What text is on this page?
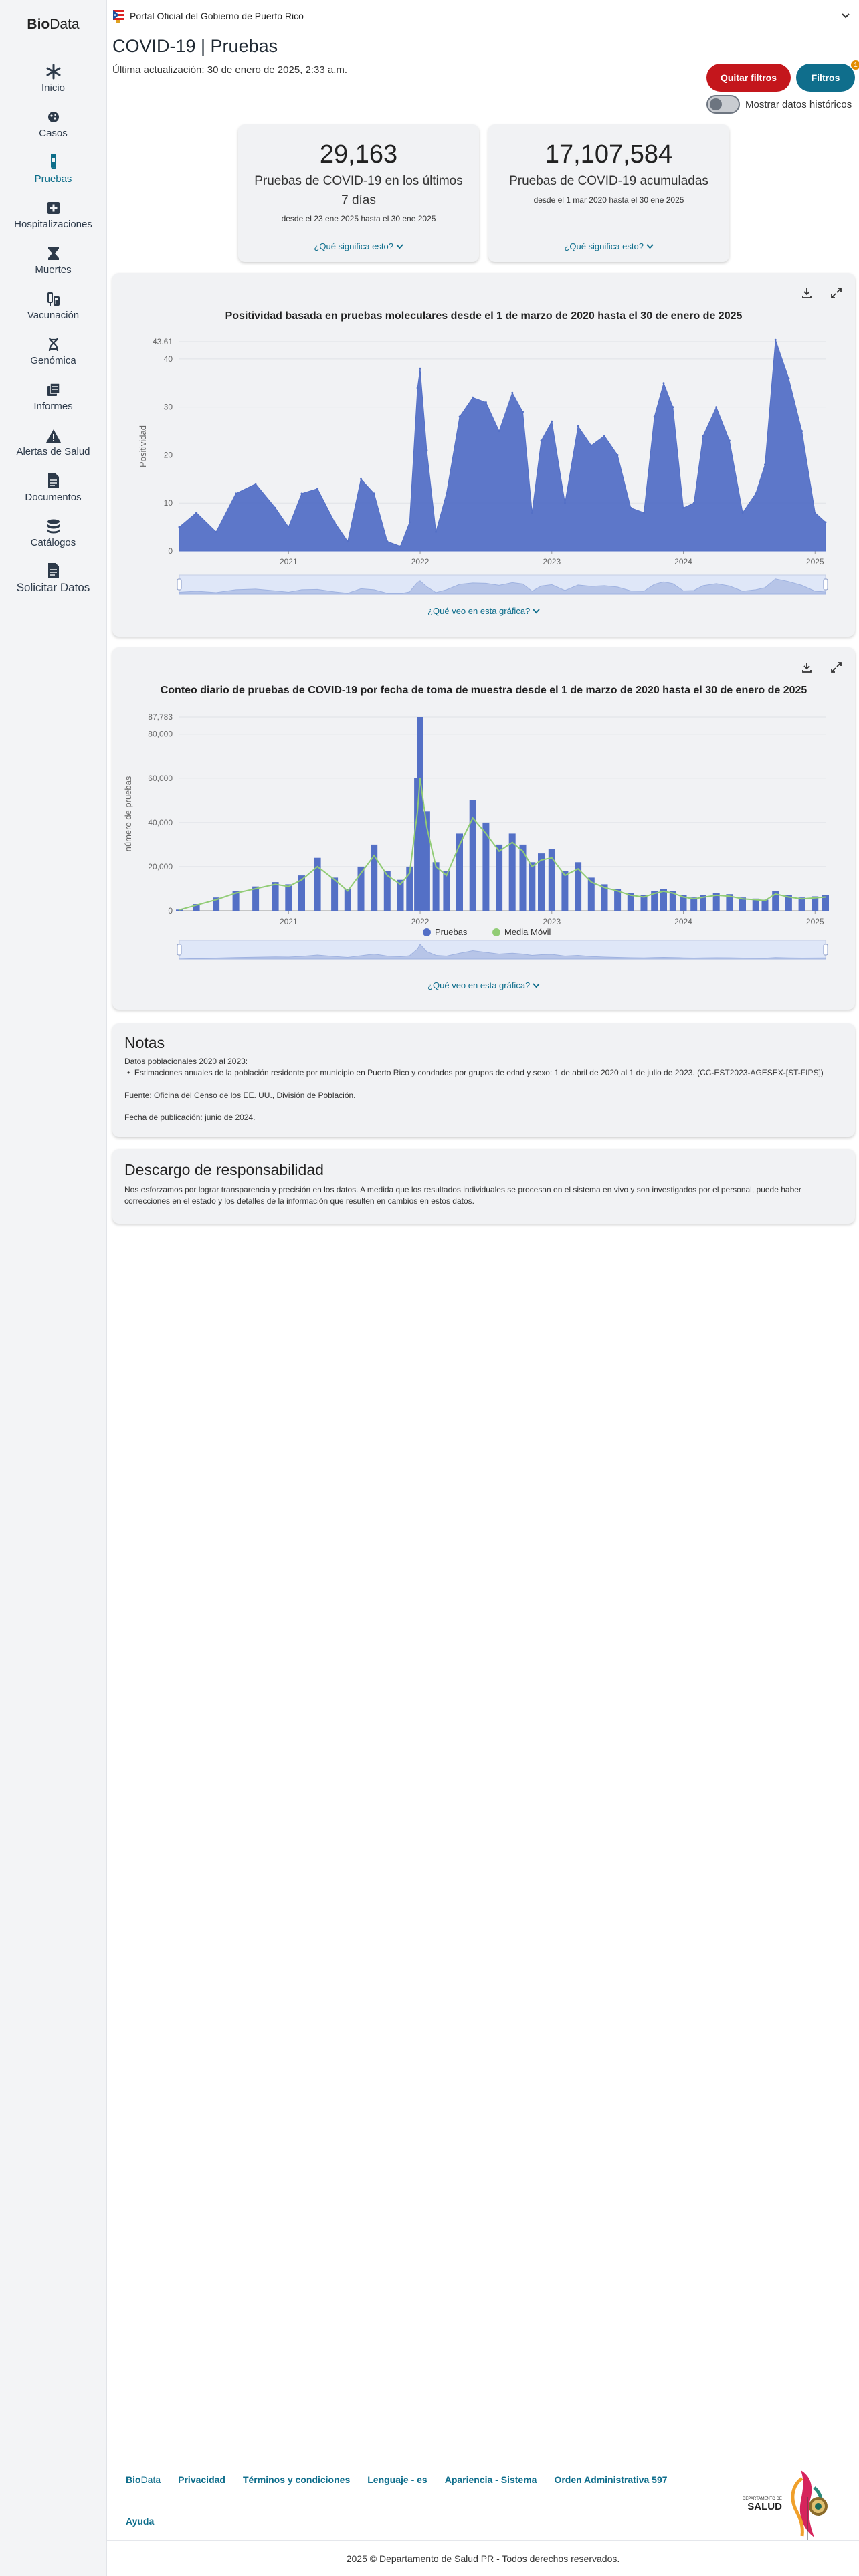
Bio Data
Inicio
Casos
Pruebas
Hospitalizaciones
Muertes
Vacunación
Genómica
Informes
Alertas de Salud
Documentos
Catálogos
Solicitar Datos
Portal Oficial del Gobierno de Puerto Rico
COVID-19 | Pruebas
Última actualización: 30 de enero de 2025, 2:33 a.m.
Quitar filtros	Filtros
1
Mostrar datos históricos
29,163
Pruebas de COVID-19 en los últimos 7 días
desde el 23 ene 2025 hasta el 30 ene 2025
¿Qué significa esto?
17,107,584
Pruebas de COVID-19 acumuladas
desde el 1 mar 2020 hasta el 30 ene 2025
¿Qué significa esto?
Positividad basada en pruebas moleculares desde el 1 de marzo de 2020 hasta el 30 de enero de 2025
0
10
20
30
40
43.61
Positividad
2021	2022	2023	2024	2025
¿Qué veo en esta gráfica?
Conteo diario de pruebas de COVID-19 por fecha de toma de muestra desde el 1 de marzo de 2020 hasta el 30 de enero de 2025
0
20,000
40,000
60,000
80,000
87,783
número de pruebas
2021	2022	2023	2024	2025
Pruebas	Media Móvil
¿Qué veo en esta gráfica?
Notas

Datos poblacionales 2020 al 2023:

•  Estimaciones anuales de la población residente por municipio en Puerto Rico y condados por grupos de edad y sexo: 1 de abril de 2020 al 1 de julio de 2023. (CC-EST2023-AGESEX-[ST-FIPS])

Fuente: Oficina del Censo de los EE. UU., División de Población.

Fecha de publicación: junio de 2024.

Descargo de responsabilidad

Nos esforzamos por lograr transparencia y precisión en los datos. A medida que los resultados individuales se procesan en el sistema en vivo y son investigados por el personal, puede haber correcciones en el estado y los detalles de la información que resulten en cambios en estos datos.

BioData Privacidad Términos y condiciones Lenguaje - es Apariencia - Sistema Orden Administrativa 597
Ayuda
DEPARTAMENTO DE
SALUD
2025 © Departamento de Salud PR - Todos derechos reservados.
